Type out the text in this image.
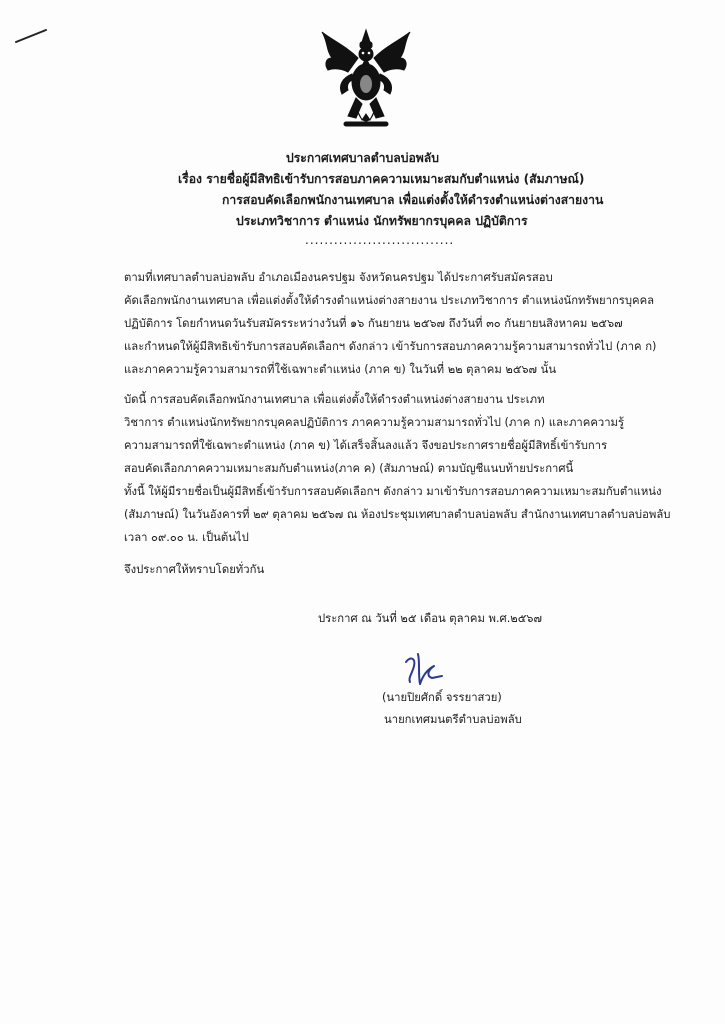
ประกาศเทศบาลตำบลบ่อพลับ
เรื่อง รายชื่อผู้มีสิทธิเข้ารับการสอบภาคความเหมาะสมกับตำแหน่ง (สัมภาษณ์)
การสอบคัดเลือกพนักงานเทศบาล เพื่อแต่งตั้งให้ดำรงตำแหน่งต่างสายงาน
ประเภทวิชาการ ตำแหน่ง นักทรัพยากรบุคคล ปฏิบัติการ
...............................

ตามที่เทศบาลตำบลบ่อพลับ อำเภอเมืองนครปฐม จังหวัดนครปฐม ได้ประกาศรับสมัครสอบ

คัดเลือกพนักงานเทศบาล เพื่อแต่งตั้งให้ดำรงตำแหน่งต่างสายงาน ประเภทวิชาการ ตำแหน่งนักทรัพยากรบุคคล

ปฏิบัติการ โดยกำหนดวันรับสมัครระหว่างวันที่ ๑๖ กันยายน ๒๕๖๗ ถึงวันที่ ๓๐ กันยายนสิงหาคม ๒๕๖๗

และกำหนดให้ผู้มีสิทธิเข้ารับการสอบคัดเลือกฯ ดังกล่าว เข้ารับการสอบภาคความรู้ความสามารถทั่วไป (ภาค ก)

และภาคความรู้ความสามารถที่ใช้เฉพาะตำแหน่ง (ภาค ข) ในวันที่ ๒๒ ตุลาคม ๒๕๖๗ นั้น

บัดนี้ การสอบคัดเลือกพนักงานเทศบาล เพื่อแต่งตั้งให้ดำรงตำแหน่งต่างสายงาน ประเภท

วิชาการ ตำแหน่งนักทรัพยากรบุคคลปฏิบัติการ ภาคความรู้ความสามารถทั่วไป (ภาค ก) และภาคความรู้

ความสามารถที่ใช้เฉพาะตำแหน่ง (ภาค ข) ได้เสร็จสิ้นลงแล้ว จึงขอประกาศรายชื่อผู้มีสิทธิ์เข้ารับการ

สอบคัดเลือกภาคความเหมาะสมกับตำแหน่ง(ภาค ค) (สัมภาษณ์) ตามบัญชีแนบท้ายประกาศนี้

ทั้งนี้ ให้ผู้มีรายชื่อเป็นผู้มีสิทธิ์เข้ารับการสอบคัดเลือกฯ ดังกล่าว มาเข้ารับการสอบภาคความเหมาะสมกับตำแหน่ง

(สัมภาษณ์) ในวันอังคารที่ ๒๙ ตุลาคม ๒๕๖๗ ณ ห้องประชุมเทศบาลตำบลบ่อพลับ สำนักงานเทศบาลตำบลบ่อพลับ

เวลา ๐๙.๐๐ น. เป็นต้นไป

จึงประกาศให้ทราบโดยทั่วกัน

ประกาศ ณ วันที่ ๒๕ เดือน ตุลาคม พ.ศ.๒๕๖๗
(นายปิยศักดิ์ จรรยาสวย)
นายกเทศมนตรีตำบลบ่อพลับ
